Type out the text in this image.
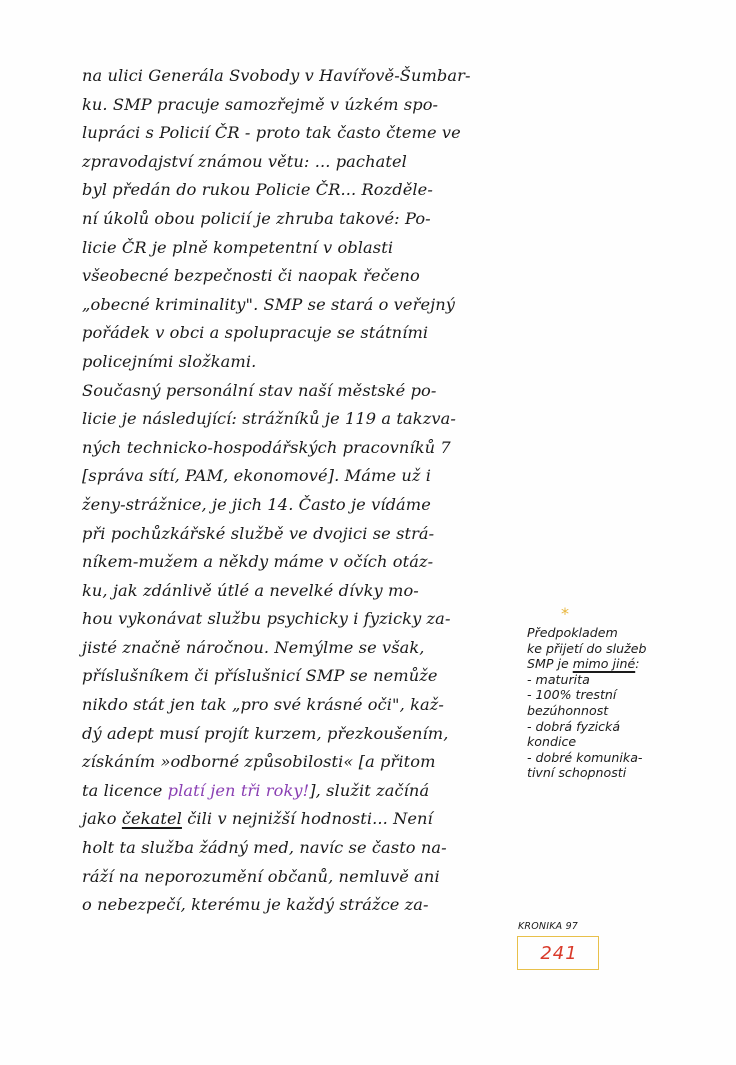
na ulici Generála Svobody v Havířově-Šumbar-
ku. SMP pracuje samozřejmě v úzkém spo-
lupráci s Policií ČR - proto tak často čteme ve
zpravodajství známou větu: ... pachatel
byl předán do rukou Policie ČR... Rozděle-
ní úkolů obou policií je zhruba takové: Po-
licie ČR je plně kompetentní v oblasti
všeobecné bezpečnosti či naopak řečeno
„obecné kriminality". SMP se stará o veřejný
pořádek v obci a spolupracuje se státními
policejními složkami.
Současný personální stav naší městské po-
licie je následující: strážníků je 119 a takzva-
ných technicko-hospodářských pracovníků 7
[správa sítí, PAM, ekonomové]. Máme už i
ženy-strážnice, je jich 14. Často je vídáme
při pochůzkářské službě ve dvojici se strá-
níkem-mužem a někdy máme v očích otáz-
ku, jak zdánlivě útlé a nevelké dívky mo-
hou vykonávat službu psychicky i fyzicky za-
jisté značně náročnou. Nemýlme se však,
příslušníkem či příslušnicí SMP se nemůže
nikdo stát jen tak „pro své krásné oči", kaž-
dý adept musí projít kurzem, přezkoušením,
získáním »odborné způsobilosti« [a přitom
ta licence platí jen tři roky!], služit začíná
jako čekatel čili v nejnižší hodnosti... Není
holt ta služba žádný med, navíc se často na-
ráží na neporozumění občanů, nemluvě ani
o nebezpečí, kterému je každý strážce za-
*
Předpokladem
ke přijetí do služeb
SMP je mimo jiné:
- maturita
- 100% trestní
bezúhonnost
- dobrá fyzická
kondice
- dobré komunika-
tivní schopnosti
KRONIKA 97
241
